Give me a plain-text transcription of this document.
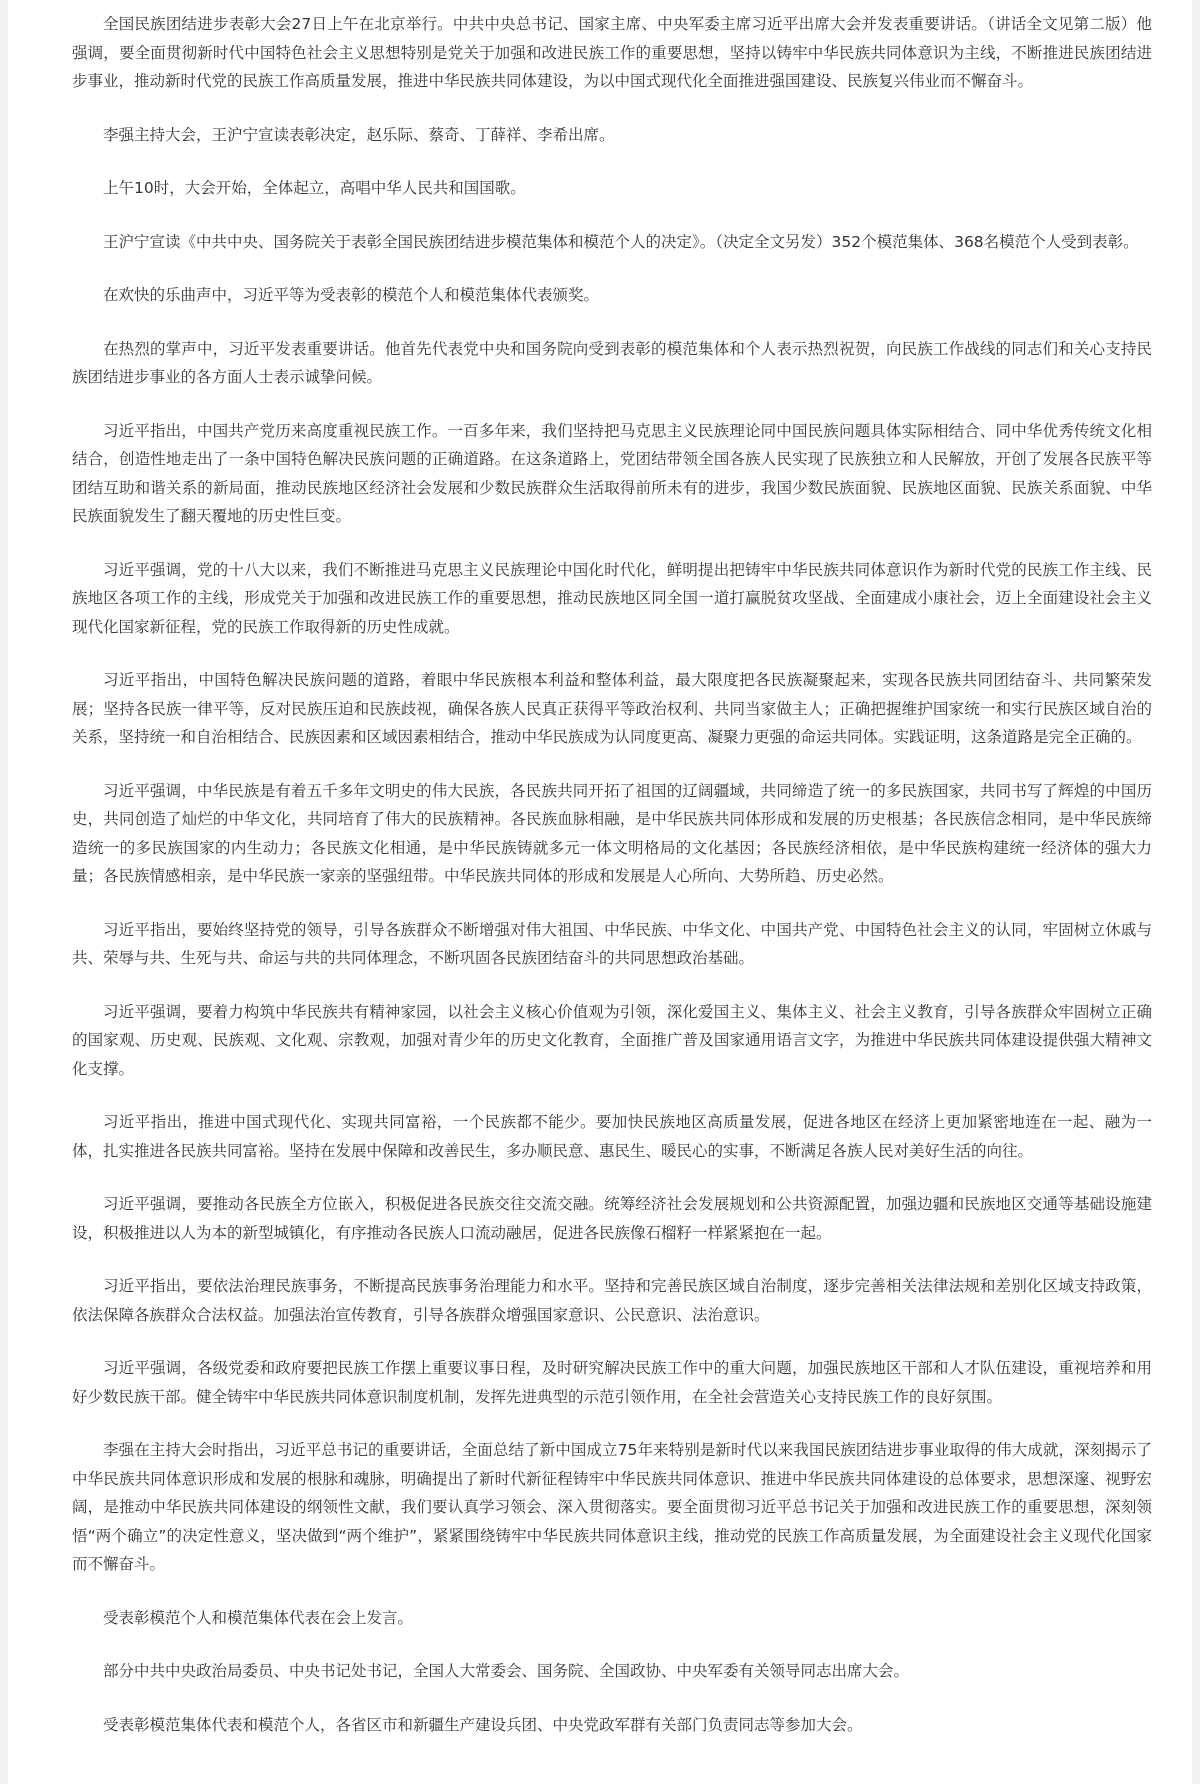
全国民族团结进步表彰大会27日上午在北京举行。中共中央总书记、国家主席、中央军委主席习近平出席大会并发表重要讲话。（讲话全文见第二版）他强调，要全面贯彻新时代中国特色社会主义思想特别是党关于加强和改进民族工作的重要思想，坚持以铸牢中华民族共同体意识为主线，不断推进民族团结进步事业，推动新时代党的民族工作高质量发展，推进中华民族共同体建设，为以中国式现代化全面推进强国建设、民族复兴伟业而不懈奋斗。

李强主持大会，王沪宁宣读表彰决定，赵乐际、蔡奇、丁薛祥、李希出席。

上午10时，大会开始，全体起立，高唱中华人民共和国国歌。

王沪宁宣读《中共中央、国务院关于表彰全国民族团结进步模范集体和模范个人的决定》。（决定全文另发）352个模范集体、368名模范个人受到表彰。

在欢快的乐曲声中，习近平等为受表彰的模范个人和模范集体代表颁奖。

在热烈的掌声中，习近平发表重要讲话。他首先代表党中央和国务院向受到表彰的模范集体和个人表示热烈祝贺，向民族工作战线的同志们和关心支持民族团结进步事业的各方面人士表示诚挚问候。

习近平指出，中国共产党历来高度重视民族工作。一百多年来，我们坚持把马克思主义民族理论同中国民族问题具体实际相结合、同中华优秀传统文化相结合，创造性地走出了一条中国特色解决民族问题的正确道路。在这条道路上，党团结带领全国各族人民实现了民族独立和人民解放，开创了发展各民族平等团结互助和谐关系的新局面，推动民族地区经济社会发展和少数民族群众生活取得前所未有的进步，我国少数民族面貌、民族地区面貌、民族关系面貌、中华民族面貌发生了翻天覆地的历史性巨变。

习近平强调，党的十八大以来，我们不断推进马克思主义民族理论中国化时代化，鲜明提出把铸牢中华民族共同体意识作为新时代党的民族工作主线、民族地区各项工作的主线，形成党关于加强和改进民族工作的重要思想，推动民族地区同全国一道打赢脱贫攻坚战、全面建成小康社会，迈上全面建设社会主义现代化国家新征程，党的民族工作取得新的历史性成就。

习近平指出，中国特色解决民族问题的道路，着眼中华民族根本利益和整体利益，最大限度把各民族凝聚起来，实现各民族共同团结奋斗、共同繁荣发展；坚持各民族一律平等，反对民族压迫和民族歧视，确保各族人民真正获得平等政治权利、共同当家做主人；正确把握维护国家统一和实行民族区域自治的关系，坚持统一和自治相结合、民族因素和区域因素相结合，推动中华民族成为认同度更高、凝聚力更强的命运共同体。实践证明，这条道路是完全正确的。

习近平强调，中华民族是有着五千多年文明史的伟大民族，各民族共同开拓了祖国的辽阔疆域，共同缔造了统一的多民族国家，共同书写了辉煌的中国历史，共同创造了灿烂的中华文化，共同培育了伟大的民族精神。各民族血脉相融，是中华民族共同体形成和发展的历史根基；各民族信念相同，是中华民族缔造统一的多民族国家的内生动力；各民族文化相通，是中华民族铸就多元一体文明格局的文化基因；各民族经济相依，是中华民族构建统一经济体的强大力量；各民族情感相亲，是中华民族一家亲的坚强纽带。中华民族共同体的形成和发展是人心所向、大势所趋、历史必然。

习近平指出，要始终坚持党的领导，引导各族群众不断增强对伟大祖国、中华民族、中华文化、中国共产党、中国特色社会主义的认同，牢固树立休戚与共、荣辱与共、生死与共、命运与共的共同体理念，不断巩固各民族团结奋斗的共同思想政治基础。

习近平强调，要着力构筑中华民族共有精神家园，以社会主义核心价值观为引领，深化爱国主义、集体主义、社会主义教育，引导各族群众牢固树立正确的国家观、历史观、民族观、文化观、宗教观，加强对青少年的历史文化教育，全面推广普及国家通用语言文字，为推进中华民族共同体建设提供强大精神文化支撑。

习近平指出，推进中国式现代化、实现共同富裕，一个民族都不能少。要加快民族地区高质量发展，促进各地区在经济上更加紧密地连在一起、融为一体，扎实推进各民族共同富裕。坚持在发展中保障和改善民生，多办顺民意、惠民生、暖民心的实事，不断满足各族人民对美好生活的向往。

习近平强调，要推动各民族全方位嵌入，积极促进各民族交往交流交融。统筹经济社会发展规划和公共资源配置，加强边疆和民族地区交通等基础设施建设，积极推进以人为本的新型城镇化，有序推动各民族人口流动融居，促进各民族像石榴籽一样紧紧抱在一起。

习近平指出，要依法治理民族事务，不断提高民族事务治理能力和水平。坚持和完善民族区域自治制度，逐步完善相关法律法规和差别化区域支持政策，依法保障各族群众合法权益。加强法治宣传教育，引导各族群众增强国家意识、公民意识、法治意识。

习近平强调，各级党委和政府要把民族工作摆上重要议事日程，及时研究解决民族工作中的重大问题，加强民族地区干部和人才队伍建设，重视培养和用好少数民族干部。健全铸牢中华民族共同体意识制度机制，发挥先进典型的示范引领作用，在全社会营造关心支持民族工作的良好氛围。

李强在主持大会时指出，习近平总书记的重要讲话，全面总结了新中国成立75年来特别是新时代以来我国民族团结进步事业取得的伟大成就，深刻揭示了中华民族共同体意识形成和发展的根脉和魂脉，明确提出了新时代新征程铸牢中华民族共同体意识、推进中华民族共同体建设的总体要求，思想深邃、视野宏阔，是推动中华民族共同体建设的纲领性文献，我们要认真学习领会、深入贯彻落实。要全面贯彻习近平总书记关于加强和改进民族工作的重要思想，深刻领悟“两个确立”的决定性意义，坚决做到“两个维护”，紧紧围绕铸牢中华民族共同体意识主线，推动党的民族工作高质量发展，为全面建设社会主义现代化国家而不懈奋斗。

受表彰模范个人和模范集体代表在会上发言。

部分中共中央政治局委员、中央书记处书记，全国人大常委会、国务院、全国政协、中央军委有关领导同志出席大会。

受表彰模范集体代表和模范个人，各省区市和新疆生产建设兵团、中央党政军群有关部门负责同志等参加大会。
